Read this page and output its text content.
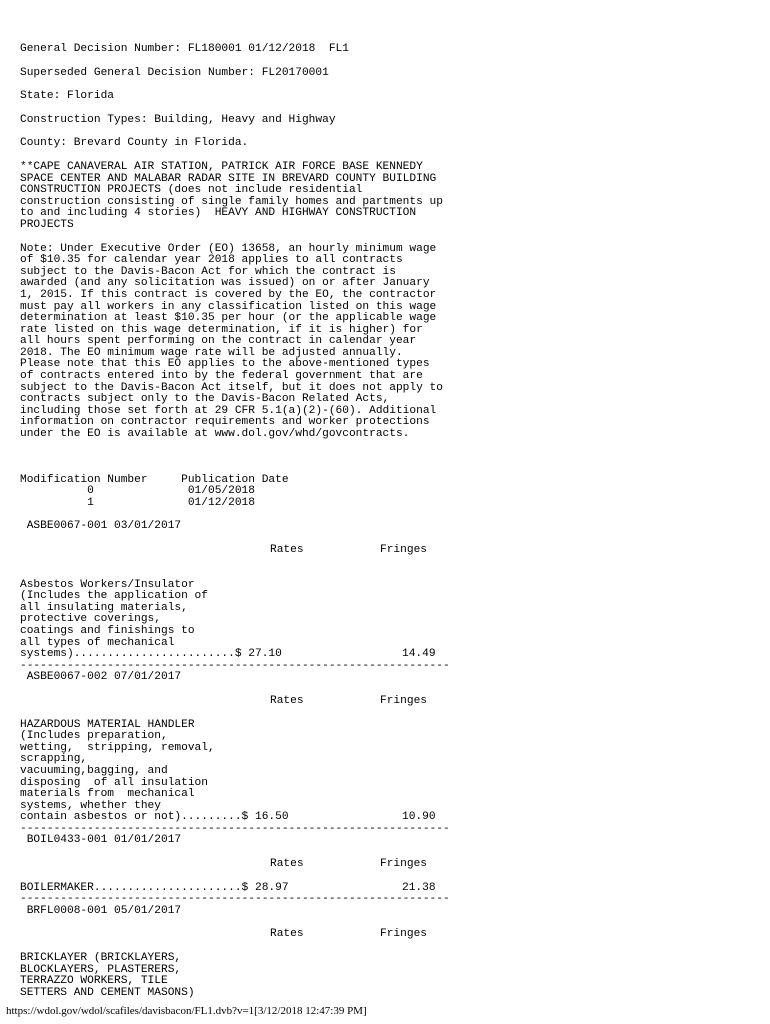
General Decision Number: FL180001 01/12/2018  FL1

Superseded General Decision Number: FL20170001

State: Florida

Construction Types: Building, Heavy and Highway

County: Brevard County in Florida.

**CAPE CANAVERAL AIR STATION, PATRICK AIR FORCE BASE KENNEDY
SPACE CENTER AND MALABAR RADAR SITE IN BREVARD COUNTY BUILDING
CONSTRUCTION PROJECTS (does not include residential
construction consisting of single family homes and partments up
to and including 4 stories)  HEAVY AND HIGHWAY CONSTRUCTION
PROJECTS

Note: Under Executive Order (EO) 13658, an hourly minimum wage
of $10.35 for calendar year 2018 applies to all contracts
subject to the Davis-Bacon Act for which the contract is
awarded (and any solicitation was issued) on or after January
1, 2015. If this contract is covered by the EO, the contractor
must pay all workers in any classification listed on this wage
determination at least $10.35 per hour (or the applicable wage
rate listed on this wage determination, if it is higher) for
all hours spent performing on the contract in calendar year
2018. The EO minimum wage rate will be adjusted annually.
Please note that this EO applies to the above-mentioned types
of contracts entered into by the federal government that are
subject to the Davis-Bacon Act itself, but it does not apply to
contracts subject only to the Davis-Bacon Related Acts,
including those set forth at 29 CFR 5.1(a)(2)-(60). Additional
information on contractor requirements and worker protections
under the EO is available at www.dol.gov/whd/govcontracts.

Modification Number     Publication Date
0              01/05/2018
1              01/12/2018
ASBE0067-001 03/01/2017
Rates	Fringes
Asbestos Workers/Insulator
(Includes the application of
all insulating materials,
protective coverings,
coatings and finishings to
all types of mechanical
systems)........................$ 27.10	14.49
----------------------------------------------------------------
ASBE0067-002 07/01/2017
Rates	Fringes
HAZARDOUS MATERIAL HANDLER
(Includes preparation,
wetting,  stripping, removal,
scrapping,
vacuuming,bagging, and
disposing  of all insulation
materials from  mechanical
systems, whether they
contain asbestos or not).........$ 16.50	10.90
----------------------------------------------------------------
BOIL0433-001 01/01/2017
Rates	Fringes
BOILERMAKER......................$ 28.97	21.38
----------------------------------------------------------------
BRFL0008-001 05/01/2017
Rates	Fringes
BRICKLAYER (BRICKLAYERS,
BLOCKLAYERS, PLASTERERS,
TERRAZZO WORKERS, TILE
SETTERS AND CEMENT MASONS)
https://wdol.gov/wdol/scafiles/davisbacon/FL1.dvb?v=1[3/12/2018 12:47:39 PM]
